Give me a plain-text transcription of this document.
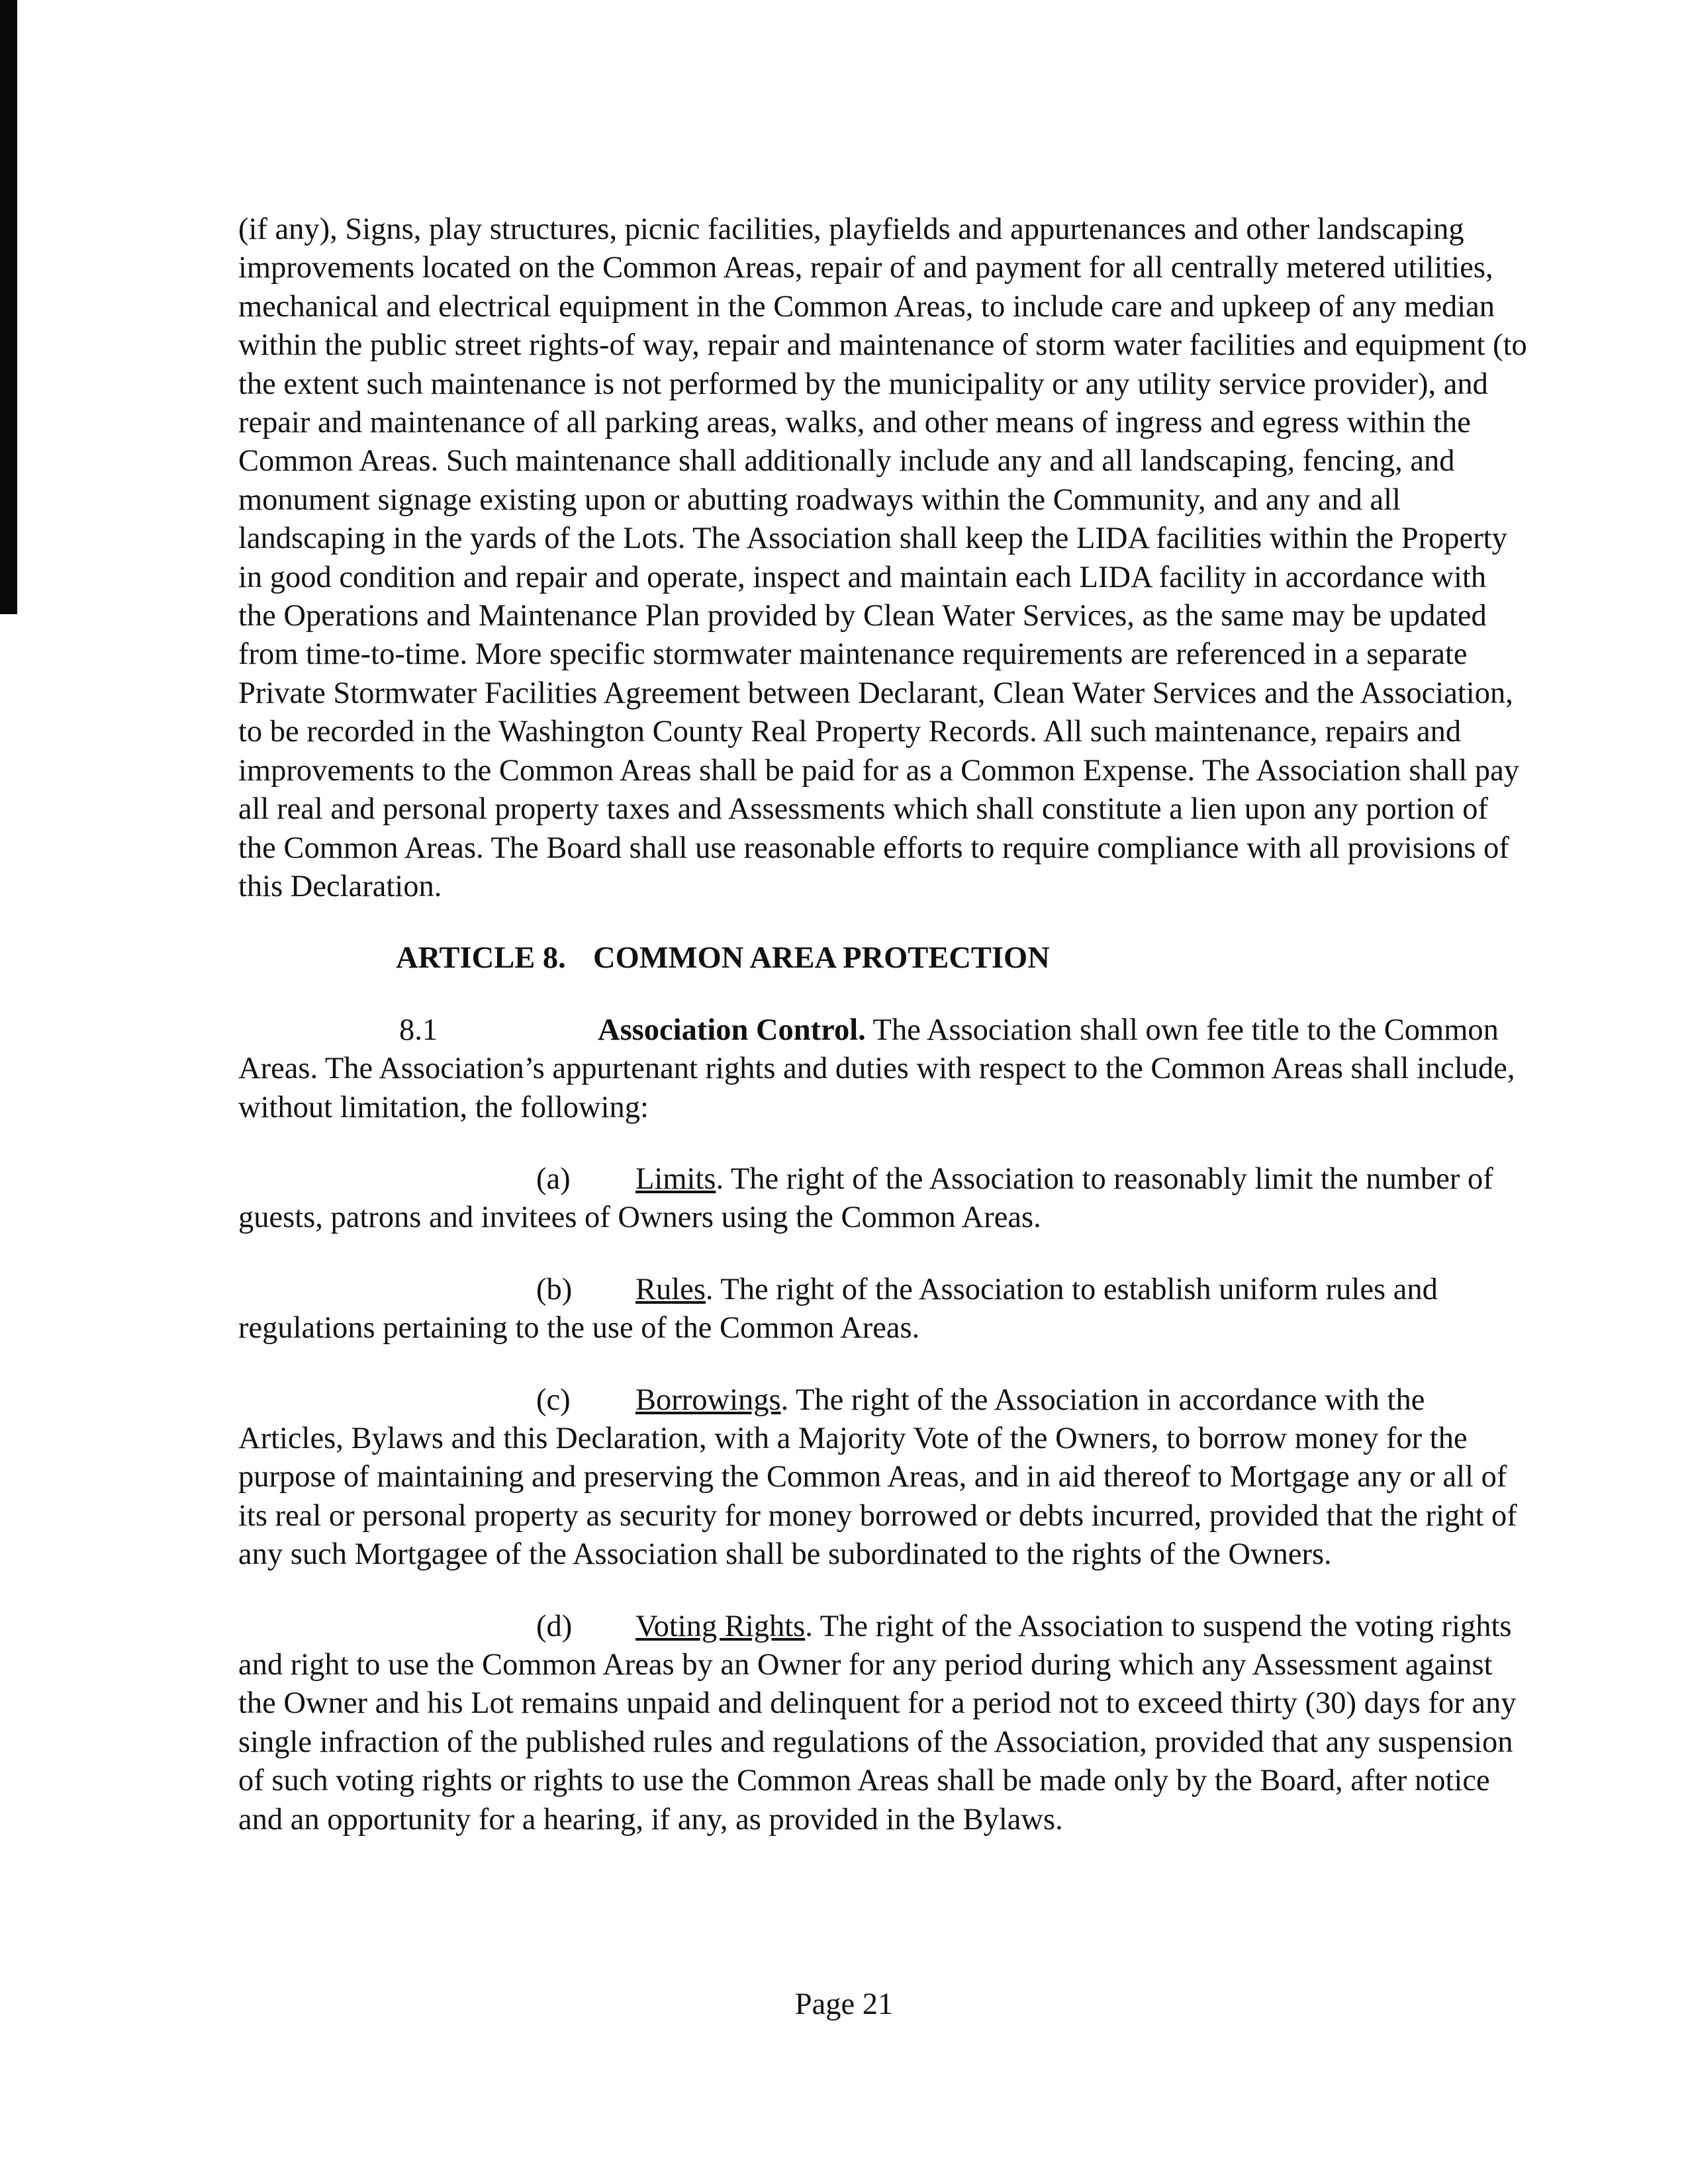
(if any), Signs, play structures, picnic facilities, playfields and appurtenances and other landscaping improvements located on the Common Areas, repair of and payment for all centrally metered utilities, mechanical and electrical equipment in the Common Areas, to include care and upkeep of any median within the public street rights-of way, repair and maintenance of storm water facilities and equipment (to the extent such maintenance is not performed by the municipality or any utility service provider), and repair and maintenance of all parking areas, walks, and other means of ingress and egress within the Common Areas. Such maintenance shall additionally include any and all landscaping, fencing, and monument signage existing upon or abutting roadways within the Community, and any and all landscaping in the yards of the Lots. The Association shall keep the LIDA facilities within the Property in good condition and repair and operate, inspect and maintain each LIDA facility in accordance with the Operations and Maintenance Plan provided by Clean Water Services, as the same may be updated from time-to-time. More specific stormwater maintenance requirements are referenced in a separate Private Stormwater Facilities Agreement between Declarant, Clean Water Services and the Association, to be recorded in the Washington County Real Property Records. All such maintenance, repairs and improvements to the Common Areas shall be paid for as a Common Expense. The Association shall pay all real and personal property taxes and Assessments which shall constitute a lien upon any portion of the Common Areas. The Board shall use reasonable efforts to require compliance with all provisions of this Declaration.

ARTICLE 8. COMMON AREA PROTECTION

8.1	Association Control. The Association shall own fee title to the Common Areas. The Association’s appurtenant rights and duties with respect to the Common Areas shall include, without limitation, the following:

(a) Limits. The right of the Association to reasonably limit the number of guests, patrons and invitees of Owners using the Common Areas.

(b) Rules. The right of the Association to establish uniform rules and regulations pertaining to the use of the Common Areas.

(c) Borrowings. The right of the Association in accordance with the Articles, Bylaws and this Declaration, with a Majority Vote of the Owners, to borrow money for the purpose of maintaining and preserving the Common Areas, and in aid thereof to Mortgage any or all of its real or personal property as security for money borrowed or debts incurred, provided that the right of any such Mortgagee of the Association shall be subordinated to the rights of the Owners.

(d) Voting Rights. The right of the Association to suspend the voting rights and right to use the Common Areas by an Owner for any period during which any Assessment against the Owner and his Lot remains unpaid and delinquent for a period not to exceed thirty (30) days for any single infraction of the published rules and regulations of the Association, provided that any suspension of such voting rights or rights to use the Common Areas shall be made only by the Board, after notice and an opportunity for a hearing, if any, as provided in the Bylaws.

Page 21
